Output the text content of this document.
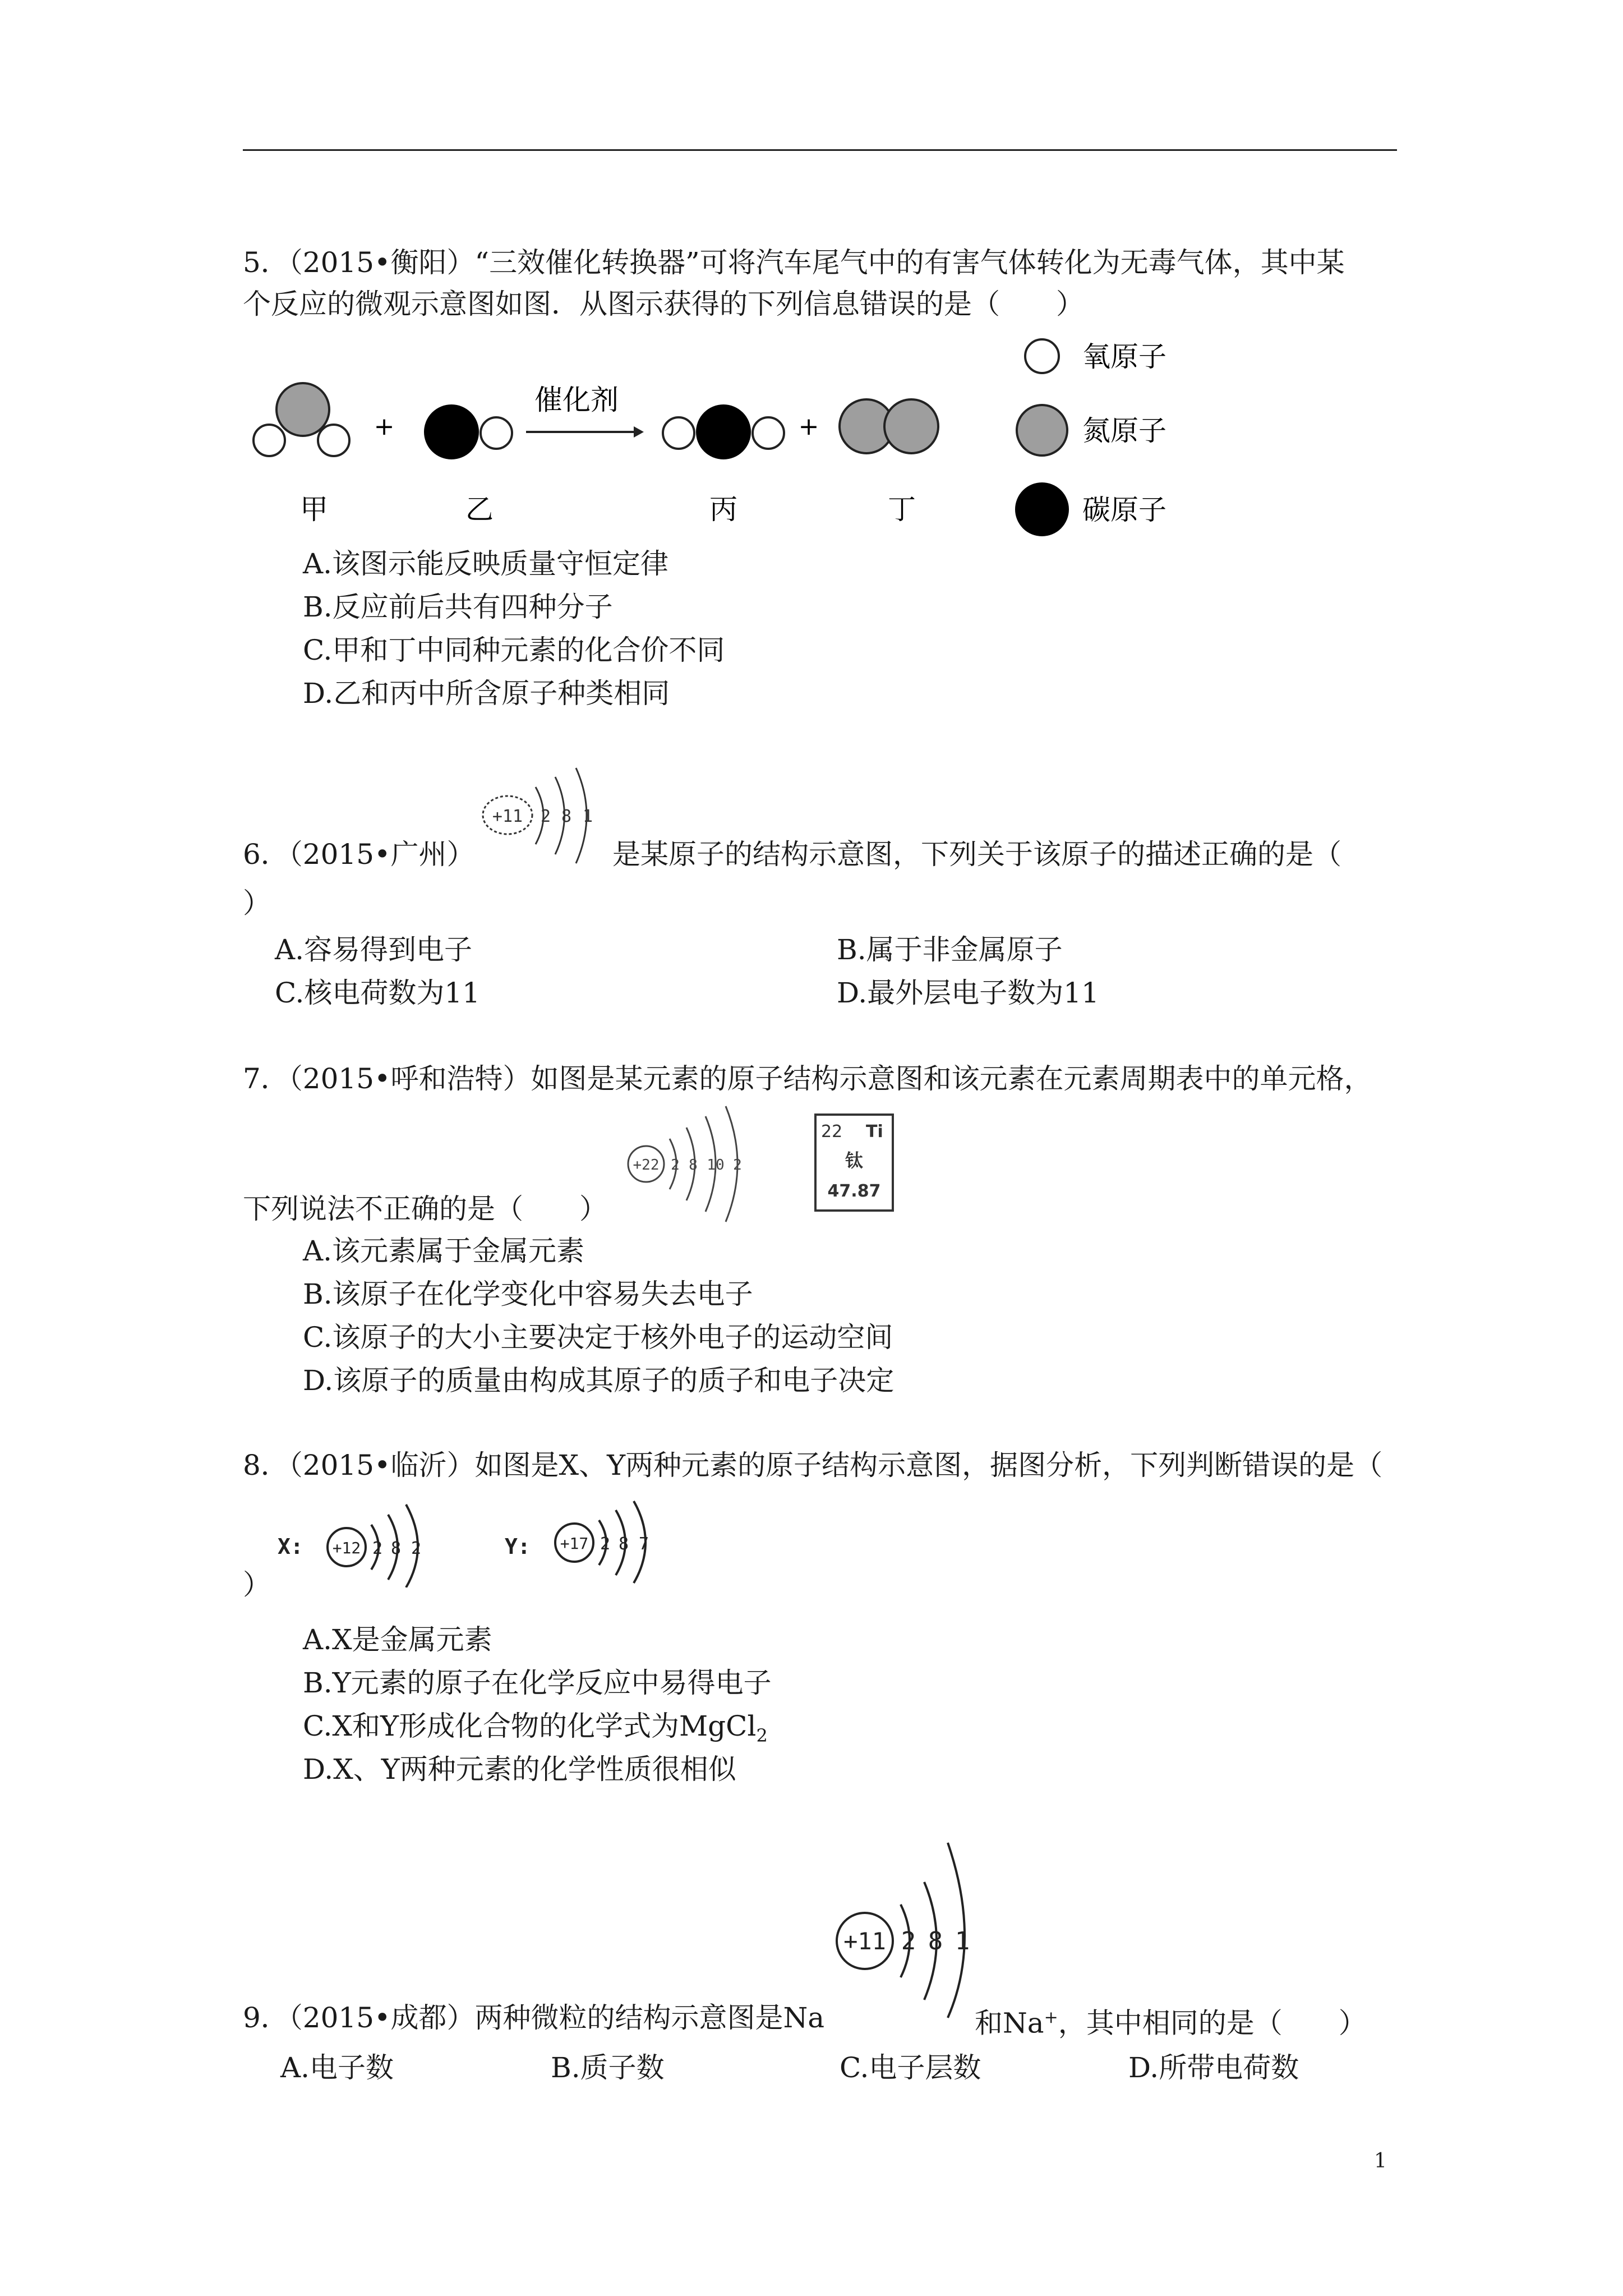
5．（2015•衡阳）“三效催化转换器”可将汽车尾气中的有害气体转化为无毒气体，其中某
个反应的微观示意图如图．从图示获得的下列信息错误的是（　　）
+
催化剂
+
甲	乙	丙	丁
氧原子
氮原子
碳原子
A.该图示能反映质量守恒定律
B.反应前后共有四种分子
C.甲和丁中同种元素的化合价不同
D.乙和丙中所含原子种类相同
+11 2 8 1
6．（2015•广州）	是某原子的结构示意图，下列关于该原子的描述正确的是（
）
A.容易得到电子	B.属于非金属原子
C.核电荷数为11	D.最外层电子数为11
7．（2015•呼和浩特）如图是某元素的原子结构示意图和该元素在元素周期表中的单元格，
+22 2 8 10 2
22 Ti
钛
47.87
下列说法不正确的是（　　）
A.该元素属于金属元素
B.该原子在化学变化中容易失去电子
C.该原子的大小主要决定于核外电子的运动空间
D.该原子的质量由构成其原子的质子和电子决定
8．（2015•临沂）如图是X、Y两种元素的原子结构示意图，据图分析，下列判断错误的是（
X: +12 2 8 2	Y: +17 2 8 7
）
A.X是金属元素
B.Y元素的原子在化学反应中易得电子
C.X和Y形成化合物的化学式为MgCl$_2$
D.X、Y两种元素的化学性质很相似
+11 2 8 1
9．（2015•成都）两种微粒的结构示意图是Na	和Na+，其中相同的是（　　）
A.电子数	B.质子数	C.电子层数	D.所带电荷数
1
